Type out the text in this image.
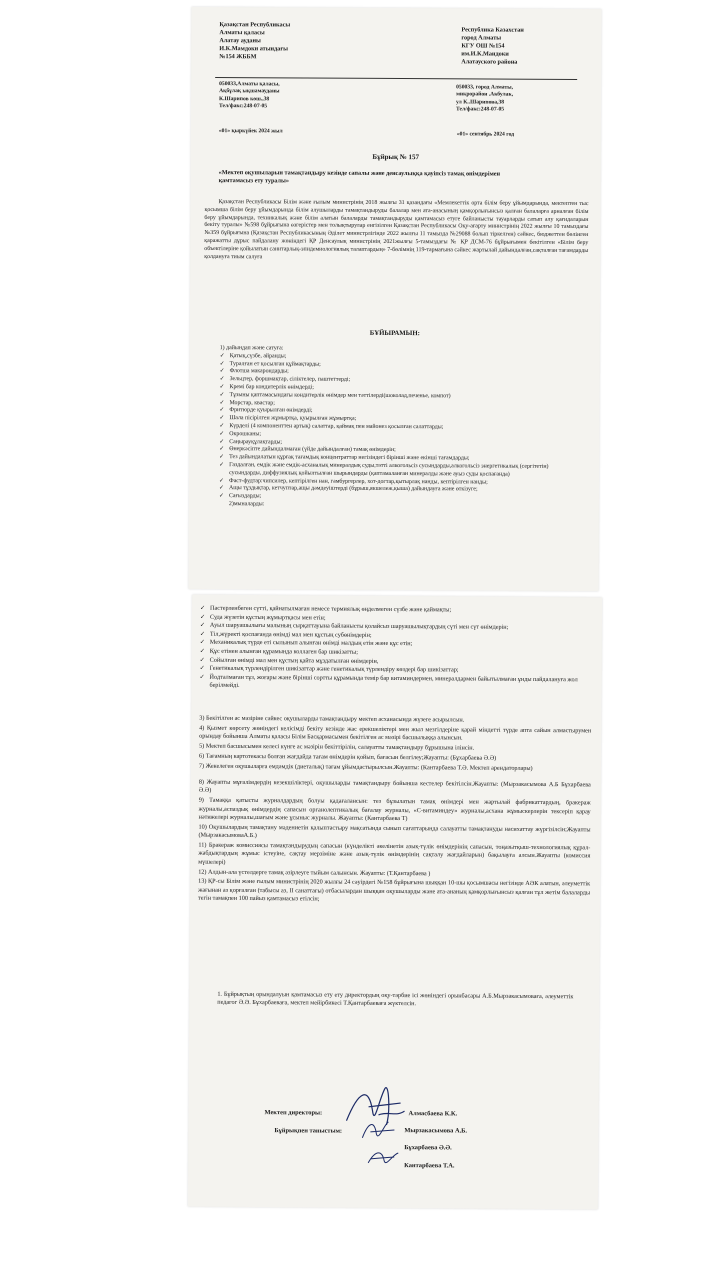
Қазақстан Республикасы
Алматы қаласы
Алатау ауданы
И.К.Мамдоки атындағы
№154 ЖББМ
Республика Казахстан
город Алматы
КГУ ОШ №154
им.И.К.Мандоки
Алатауского района
050033,Алматы қаласы,
Ақбұлақ ықшамауданы
К.Шарипов көш.,38
Тел/факс:248-07-05
050033, город Алматы,
микрорайон .Акбулак,
ул К..Шарипова,38
Тел/факс:248-07-05
«01» қыркүйек 2024 жыл
«01» сентябрь 2024 год
Бұйрық № 157
«Мектеп оқушыларын тамақтандыру кезінде сапалы және денсаулыққа қауіпсіз тамақ өнімдерімен қамтамасыз ету туралы»

Қазақстан Республикасы Білім және ғылым министрінің 2018 жылғы 31 қазандағы «Мемлекеттік орта білім беру ұйымдарында, мектептен тыс қосымша білім беру ұйымдарында білім алушыларды тамақтандыруды балалар мен ата-анасының қамқорлығынсыз қалған балаларға арналған білім беру ұйымдарында, техникалық және білім алатын балаларды тамақтандыруды қамтамасыз етуге байланысты тауарларды сатып алу қағидаларын бекіту туралы» №598 бұйрығына өзгерістер мен толықтырулар енгізілген Қазақстан Республикасы Оқу-ағарту министрінің 2022 жылғы 10 тамыздағы №359 бұйрығына (Қазақстан Республикасының Әділет министрлігінде 2022 жылғы 11 тамызда №29088 болып тіркелген) сәйкес, бюджеттен бөлінген қаражатты дұрыс пайдалану жөніндегі ҚР Денсаулық министрінің 2021жылғы 5-тамыздағы № ҚР ДСМ-76 бұйрығымен бекітілген «Білім беру объектілеріне қойылатын санитарлық-эпидемиологиялық талаптардың» 7-бөлімнің 119-тармағына сәйкес жартылай дайындалған,сақталған тағамдарды қолдануға тиым салуға

БҰЙЫРАМЫН:
1) дайындап және сатуға:
✓ Қатық,сүзбе, айранды;
✓ Туралған ет қосылған құймақтарды;
✓ Флотша макарондарды;
✓ Зельцтер, форшмақтар, сіліктелер, паштеттерді;
✓ Кремі бар кондитерлік өнімдерді;
✓ Тұзыны қаптамасындағы кондитерлік өнімдер мен тәттілерді(шоколад,печенье, компот)
✓ Морстар, квастар;
✓ Фритюрде қуырылған өнімдерді;
✓ Шала пісірілген жұмыртқа, қуырылған жұмыртқа;
✓ Күрделі (4 компоненттен артық) салаттар, қаймақ пен майонез қосылған салаттарды;
✓ Окрошканы;
✓ Саңырауқұлақтарды;
✓ Өнеркәсіпте дайындалмаған (үйде дайындалған) тамақ өнімдерін;
✓ Тез дайындалатын құрғақ тағамдық концентраттар негізіндегі бірінші және екінші тағамдарды;
✓ Газдалған, емдік және емдік-асханалық минералдық суды,тәтті алкогольсіз сусындарды,алкогольсіз энергетикалық (сергітетін) сусындарды, диффузиялық қойылтылған шырындарды (қаптамаланған минералды және ауыз суды қоспағанда)
✓ Фаст-фудтар:чипсилер, кептірілген нан, гамбургерлер, хот-догтар,қытырлақ нанды, кептірілген нанды;
✓ Ащы тұздықтар, кетчуптар,ащы дәмдеуіштерді (бұрыш,якшележ,қыша) дайындауға және өткізуге;
✓ Сағыздарды;
2)мыналарды:
✓ Пастерленбеген сүтті, қайнатылмаған немесе термиялық өңделмеген сүзбе және қаймақты;
✓ Суда жүзетін құстың жұмыртқасы мен етін;
✓ Ауыл шаруашылығы малының сырқаттауына байланысты қолайсыз шаруашылықтардың сүті мен сүт өнімдерін;
✓ Тіл,жүректі қоспағанда өнімді мал мен құстың субөнімдерін;
✓ Механикалық түрде еті сылынып алынған өнімді малдың етін және құс етін;
✓ Құс етінен алынған құрамында коллаген бар шикізатты;
✓ Сойылған өнімді мал мен құстың қайта мұздатылған өнімдерін,
✓ Генетикалық түрлендірілген шикізаттар және генетикалық түрлендіру көздері бар шикізаттар;
✓ Йодталмаған тұз, жоғары және бірінші сортты құрамында темір бар витаминдермен, минералдармен байытылмаған ұнды пайдалануға жол берілмейді.
3) Бекітілген ас мәзіріне сәйкес оқушыларды тамақтандыру мектеп асханасында жүзеге асырылсын.
4) Қызмет көрсету жөніндегі келісімді бекіту кезінде жас ерекшеліктері мен жыл мезгілдеріне қарай міндетті түрде апта сайын алмастырумен орындау бойынша Алматы қаласы Білім Басқармасымен бекітілген ас мәзірі басшылыққа алынсын.
5) Мектеп басшысымен келесі күнге ас мәзірін бекіттірілін, салауатты тамақтандыру бұрышына ілінсін.
6) Тағамның картотекасы болған жағдайда тағам өнімдерін қойып, бағасын белгілеу;Жауапты: (Бұхарбаева Ә.Ә)
7) Жекелеген оқушыларға емдәмдік (диеталық) тағам ұйымдастырылсын.Жауапты: (Кантарбаева Т.Ә. Мектеп арендаторлары)
8) Жауапты мұғалімдердің кезекшіліктері, оқушыларды тамақтандыру бойынша кестелер бекітілсін.Жауапты: (Мырзакасымова А.Б Бұхарбаева Ә.Ә)
9) Тамаққа қатысты журналдардың болуы қадағалансын: тез бұзылатын тамақ өнімдері мен жартылай фабрикаттардың, бракераж журналы,аспаздық өнімдердің сапасын органолептикалық бағалау журналы, «С-витаминдеу» журналы,асхана жұмыскерлерін тексеріп қарау нәтижелері журналы,шағым және ұсыныс журналы. Жауапты: (Кантарбаева Т)
10) Оқушылардың тамақтану мәдениетін қалыптастыру мақсатында сынып сағаттарында салауатты тамақтануды насихаттау жүргізілсін;Жауапты (МырзакасымоваА.Б.)
11) Бракераж комиссиясы тамақтандырудың сапасын (күнделікті әкелінетін азық-түлік өнімдерінің сапасын, тоңазытқыш-технологиялық құрал-жабдықтардың жұмыс істеуіне, сақтау мерзіміне және азық-түлік өнімдерінің сақталу жағдайларын) бақылауға алсын.Жауапты (комиссия мүшелері)
12) Алдын-ала үстелдерге тамақ әзірлеуге тыйым салынсын. Жауапты: (Т.Қантарбаева )
13) ҚР-сы Білім және ғылым министрінің 2020 жылғы 24 сәуірдегі №158 бұйрығына шыққан 10-шы қосымшасы негізінде АӘК алатын, әлеуметтік жағынан аз қорғалған (табысы аз, II санаттағы) отбасылардан шыққан оқушыларды және ата-ананың қамқорлығынсыз қалған тұл жетім балаларды тегін тамақпен 100 пайыз қамтамасыз етілсін;
1. Бұйрықтың орындалуын қамтамасыз ету ету директордың оқу-тәрбие ісі жөніндегі орынбасары А.Б.Мырзакасымоваға, әлеуметтік педагог Ә.Ә. Бұхарбаеваға, мектеп мейірбикесі Т.Қантарбаеваға жүктелсін.
Мектеп директоры:	Алмасбаева К.К.
Бұйрықпен таныстым:	Мырзакасымова А.Б.
Бұхарбаева Ә.Ә.
Кантарбаева Т.А.
